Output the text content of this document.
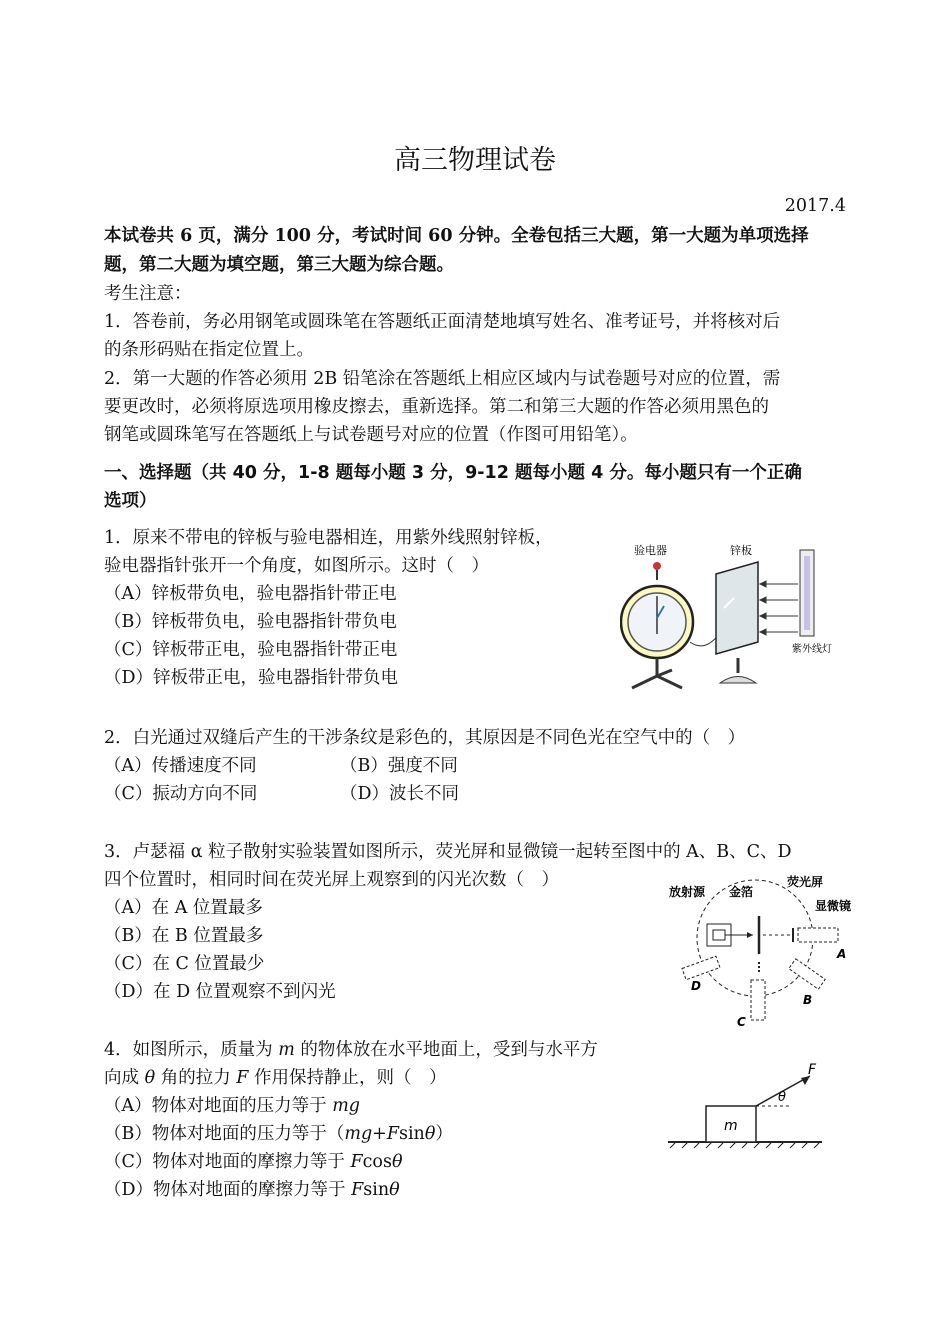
高三物理试卷
2017.4
本试卷共 6 页，满分 100 分，考试时间 60 分钟。全卷包括三大题，第一大题为单项选择
题，第二大题为填空题，第三大题为综合题。
考生注意：
1．答卷前，务必用钢笔或圆珠笔在答题纸正面清楚地填写姓名、准考证号，并将核对后
的条形码贴在指定位置上。
2．第一大题的作答必须用 2B 铅笔涂在答题纸上相应区域内与试卷题号对应的位置，需
要更改时，必须将原选项用橡皮擦去，重新选择。第二和第三大题的作答必须用黑色的
钢笔或圆珠笔写在答题纸上与试卷题号对应的位置（作图可用铅笔）。
一、选择题（共 40 分，1-8 题每小题 3 分，9-12 题每小题 4 分。每小题只有一个正确
选项）
1．原来不带电的锌板与验电器相连，用紫外线照射锌板，
验电器指针张开一个角度，如图所示。这时（　）
（A）锌板带负电，验电器指针带正电
（B）锌板带负电，验电器指针带负电
（C）锌板带正电，验电器指针带正电
（D）锌板带正电，验电器指针带负电
验电器	锌板
紫外线灯
2．白光通过双缝后产生的干涉条纹是彩色的，其原因是不同色光在空气中的（　）
（A）传播速度不同	（B）强度不同
（C）振动方向不同	（D）波长不同
3．卢瑟福 α 粒子散射实验装置如图所示，荧光屏和显微镜一起转至图中的 A、B、C、D
四个位置时，相同时间在荧光屏上观察到的闪光次数（　）
（A）在 A 位置最多
（B）在 B 位置最多
（C）在 C 位置最少
（D）在 D 位置观察不到闪光
放射源 金箔
荧光屏
显微镜
A
C
D
B
4．如图所示，质量为 m 的物体放在水平地面上，受到与水平方
向成 θ 角的拉力 F 作用保持静止，则（　）
（A）物体对地面的压力等于 mg
（B）物体对地面的压力等于（mg+Fsinθ）
（C）物体对地面的摩擦力等于 Fcosθ
（D）物体对地面的摩擦力等于 Fsinθ
m
θ
F
